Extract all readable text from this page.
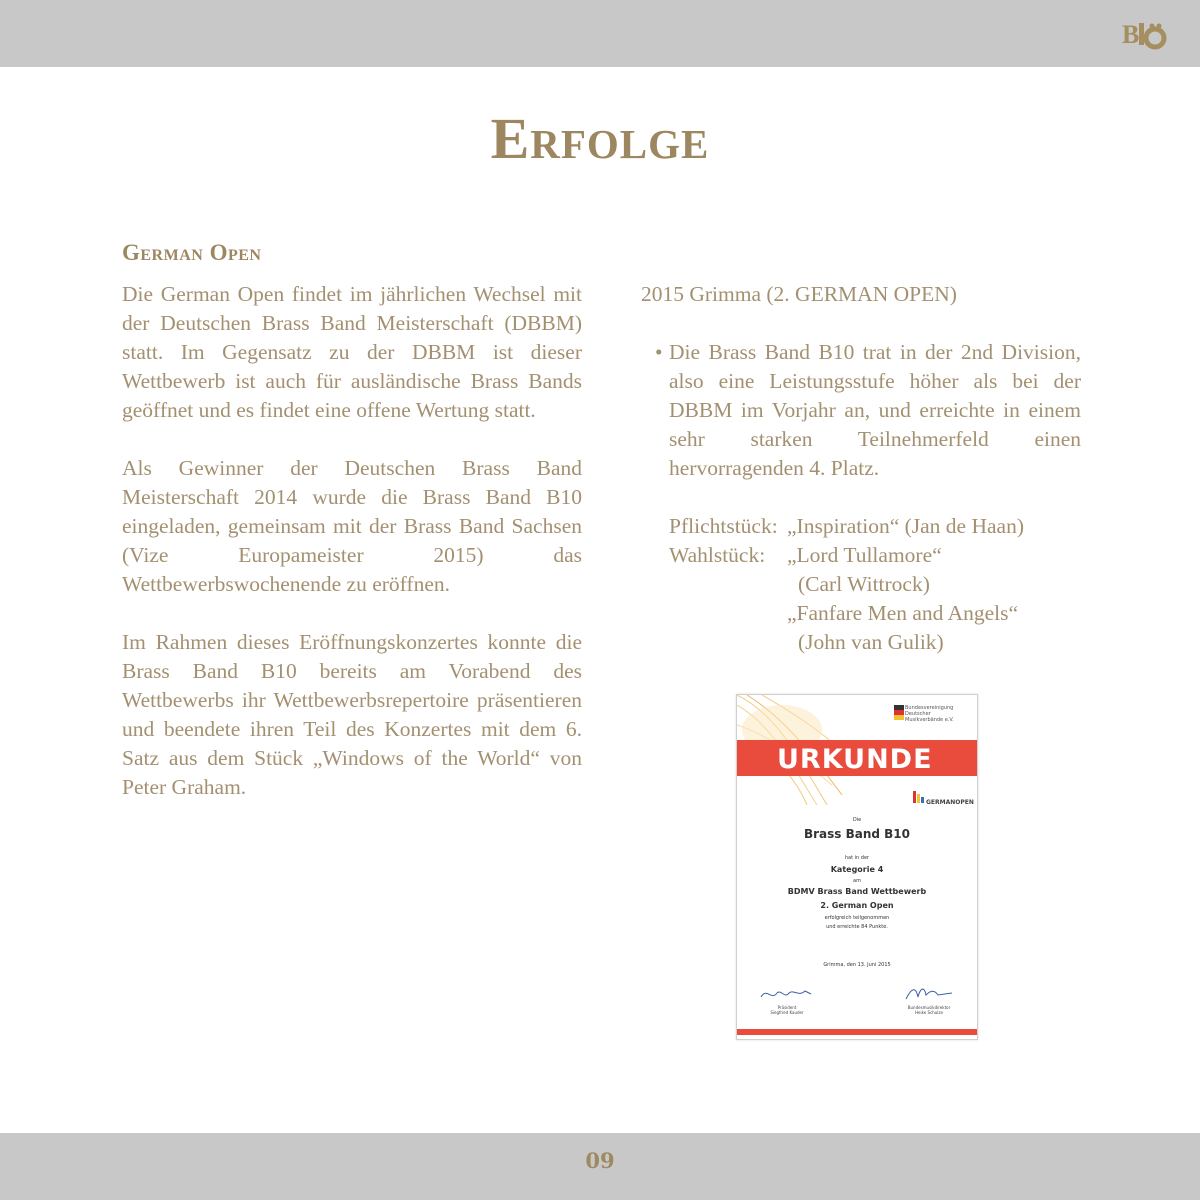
B
Erfolge
German Open

Die German Open findet im jährlichen Wechsel mit der Deutschen Brass Band Meisterschaft (DBBM) statt. Im Gegensatz zu der DBBM ist dieser Wettbewerb ist auch für ausländische Brass Bands geöffnet und es findet eine offene Wertung statt.

Als Gewinner der Deutschen Brass Band Meisterschaft 2014 wurde die Brass Band B10 eingeladen, gemeinsam mit der Brass Band Sachsen (Vize Europameister 2015) das Wettbewerbswochenende zu eröffnen.

Im Rahmen dieses Eröffnungskonzertes konnte die Brass Band B10 bereits am Vorabend des Wettbewerbs ihr Wettbewerbsrepertoire präsentieren und beendete ihren Teil des Konzertes mit dem 6. Satz aus dem Stück „Windows of the World“ von Peter Graham.

2015 Grimma (2. GERMAN OPEN)
• Die Brass Band B10 trat in der 2nd Division, also eine Leistungsstufe höher als bei der DBBM im Vorjahr an, und erreichte in einem sehr starken Teilnehmerfeld einen hervorragenden 4. Platz.
Pflichtstück: „Inspiration“ (Jan de Haan)
Wahlstück:	„Lord Tullamore“
(Carl Wittrock)
„Fanfare Men and Angels“
(John van Gulik)
Bundesvereinigung
Deutscher
Musikverbände e.V.
URKUNDE
GERMANOPEN
Die
Brass Band B10
hat in der
Kategorie 4
am
BDMV Brass Band Wettbewerb
2. German Open
erfolgreich teilgenommen
und erreichte 84 Punkte.
Grimma, den 13. Juni 2015
Präsident
Siegfried Kauder
Bundesmusikdirektor
Heike Schulze
09
